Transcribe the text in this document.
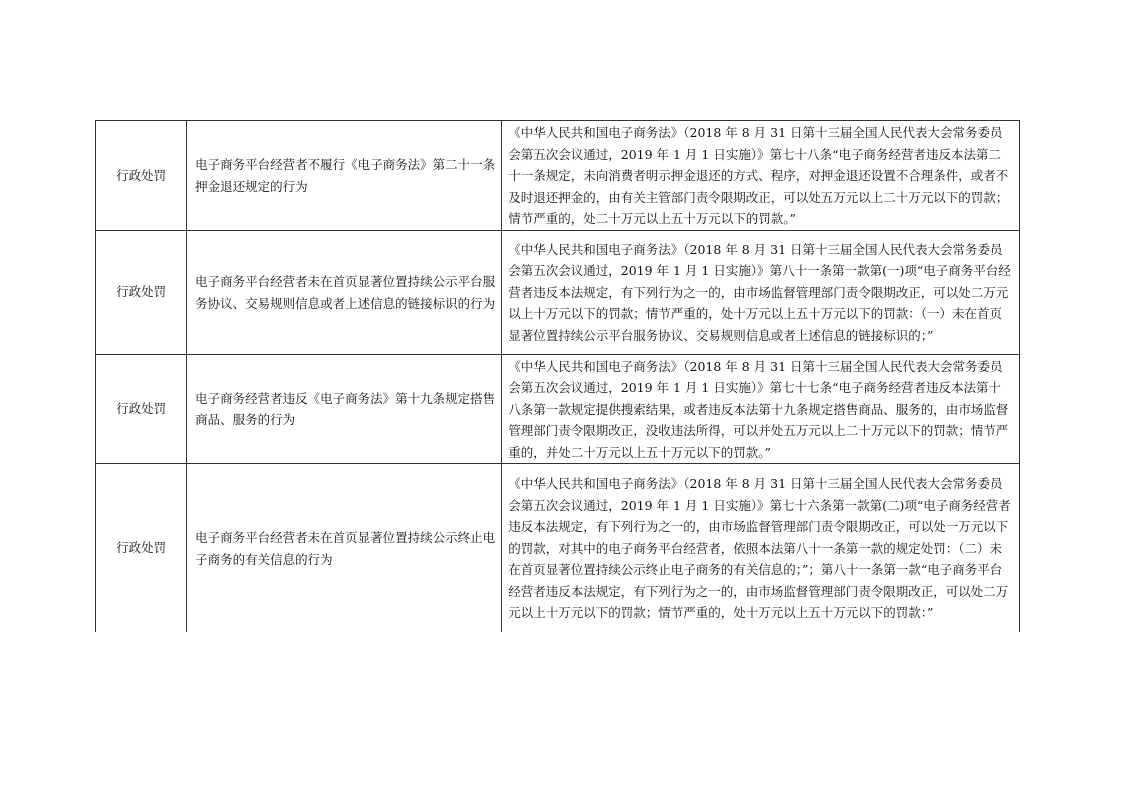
行政处罚	电子商务平台经营者不履行《电子商务法》第二十一条押金退还规定的行为	《中华人民共和国电子商务法》（2018 年 8 月 31 日第十三届全国人民代表大会常务委员会第五次会议通过，2019 年 1 月 1 日实施）》第七十八条“电子商务经营者违反本法第二十一条规定，未向消费者明示押金退还的方式、程序，对押金退还设置不合理条件，或者不及时退还押金的，由有关主管部门责令限期改正，可以处五万元以上二十万元以下的罚款；情节严重的，处二十万元以上五十万元以下的罚款。”
行政处罚	电子商务平台经营者未在首页显著位置持续公示平台服务协议、交易规则信息或者上述信息的链接标识的行为	《中华人民共和国电子商务法》（2018 年 8 月 31 日第十三届全国人民代表大会常务委员会第五次会议通过，2019 年 1 月 1 日实施）》第八十一条第一款第(一)项“电子商务平台经营者违反本法规定，有下列行为之一的，由市场监督管理部门责令限期改正，可以处二万元以上十万元以下的罚款；情节严重的，处十万元以上五十万元以下的罚款：（一）未在首页显著位置持续公示平台服务协议、交易规则信息或者上述信息的链接标识的；”
行政处罚	电子商务经营者违反《电子商务法》第十九条规定搭售商品、服务的行为	《中华人民共和国电子商务法》（2018 年 8 月 31 日第十三届全国人民代表大会常务委员会第五次会议通过，2019 年 1 月 1 日实施）》第七十七条“电子商务经营者违反本法第十八条第一款规定提供搜索结果，或者违反本法第十九条规定搭售商品、服务的，由市场监督管理部门责令限期改正，没收违法所得，可以并处五万元以上二十万元以下的罚款；情节严重的，并处二十万元以上五十万元以下的罚款。”
行政处罚	电子商务平台经营者未在首页显著位置持续公示终止电子商务的有关信息的行为	《中华人民共和国电子商务法》（2018 年 8 月 31 日第十三届全国人民代表大会常务委员会第五次会议通过，2019 年 1 月 1 日实施）》第七十六条第一款第(二)项“电子商务经营者违反本法规定，有下列行为之一的，由市场监督管理部门责令限期改正，可以处一万元以下的罚款，对其中的电子商务平台经营者，依照本法第八十一条第一款的规定处罚：（二）未在首页显著位置持续公示终止电子商务的有关信息的；”；第八十一条第一款“电子商务平台经营者违反本法规定，有下列行为之一的，由市场监督管理部门责令限期改正，可以处二万元以上十万元以下的罚款；情节严重的，处十万元以上五十万元以下的罚款：”
